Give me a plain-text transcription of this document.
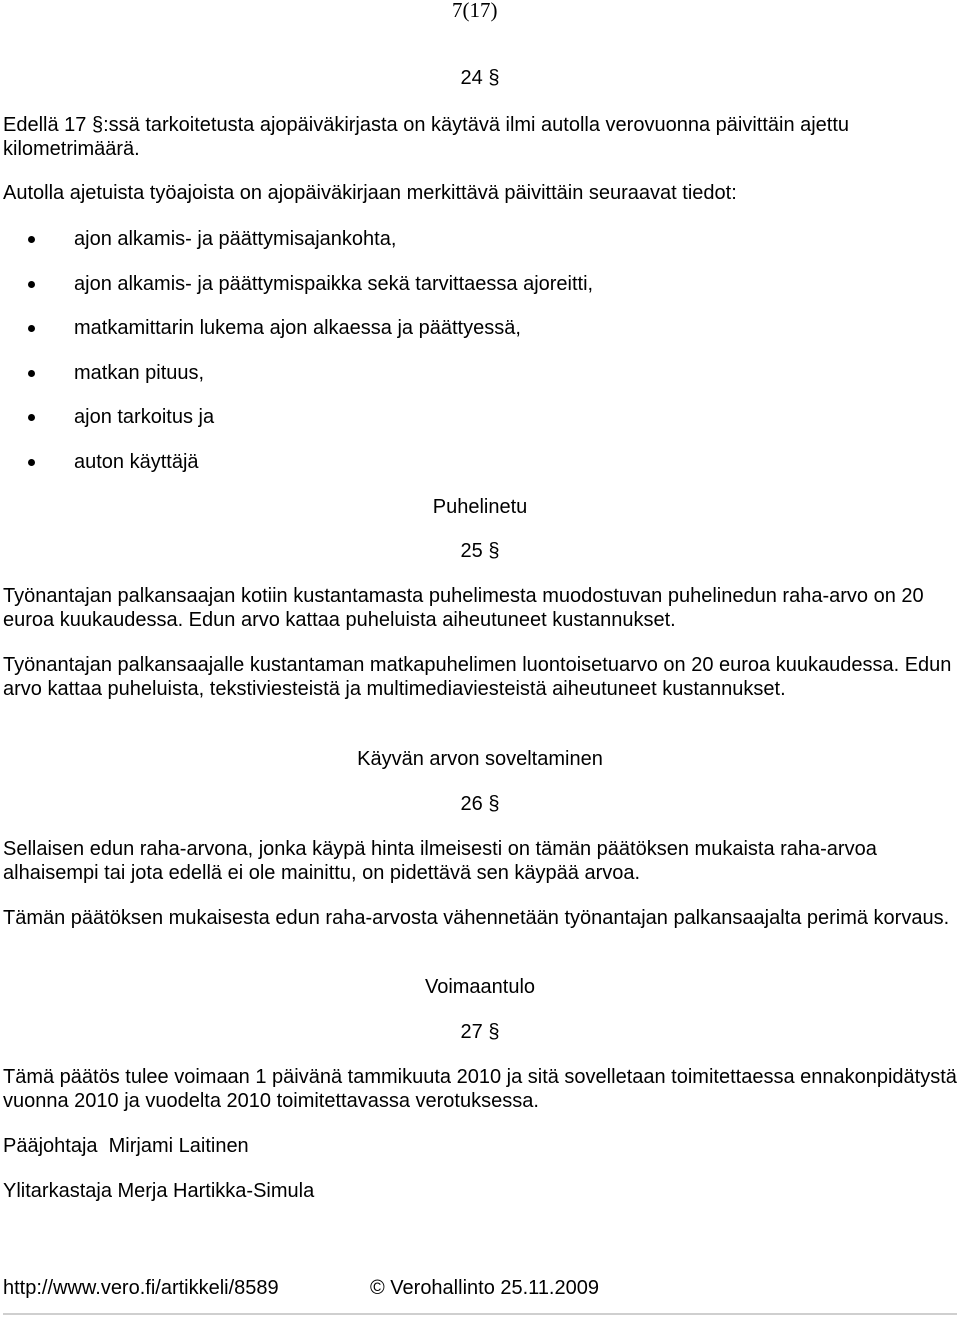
7(17)
24 §
Edellä 17 §:ssä tarkoitetusta ajopäiväkirjasta on käytävä ilmi autolla verovuonna päivittäin ajettu kilometrimäärä.
Autolla ajetuista työajoista on ajopäiväkirjaan merkittävä päivittäin seuraavat tiedot:
ajon alkamis- ja päättymisajankohta,
ajon alkamis- ja päättymispaikka sekä tarvittaessa ajoreitti,
matkamittarin lukema ajon alkaessa ja päättyessä,
matkan pituus,
ajon tarkoitus ja
auton käyttäjä
Puhelinetu
25 §
Työnantajan palkansaajan kotiin kustantamasta puhelimesta muodostuvan puhelinedun raha-arvo on 20 euroa kuukaudessa. Edun arvo kattaa puheluista aiheutuneet kustannukset.
Työnantajan palkansaajalle kustantaman matkapuhelimen luontoisetuarvo on 20 euroa kuukaudessa. Edun arvo kattaa puheluista, tekstiviesteistä ja multimediaviesteistä aiheutuneet kustannukset.
Käyvän arvon soveltaminen
26 §
Sellaisen edun raha-arvona, jonka käypä hinta ilmeisesti on tämän päätöksen mukaista raha-arvoa alhaisempi tai jota edellä ei ole mainittu, on pidettävä sen käypää arvoa.
Tämän päätöksen mukaisesta edun raha-arvosta vähennetään työnantajan palkansaajalta perimä korvaus.
Voimaantulo
27 §
Tämä päätös tulee voimaan 1 päivänä tammikuuta 2010 ja sitä sovelletaan toimitettaessa ennakonpidätystä vuonna 2010 ja vuodelta 2010 toimitettavassa verotuksessa.
Pääjohtaja  Mirjami Laitinen
Ylitarkastaja Merja Hartikka-Simula
http://www.vero.fi/artikkeli/8589	© Verohallinto 25.11.2009
